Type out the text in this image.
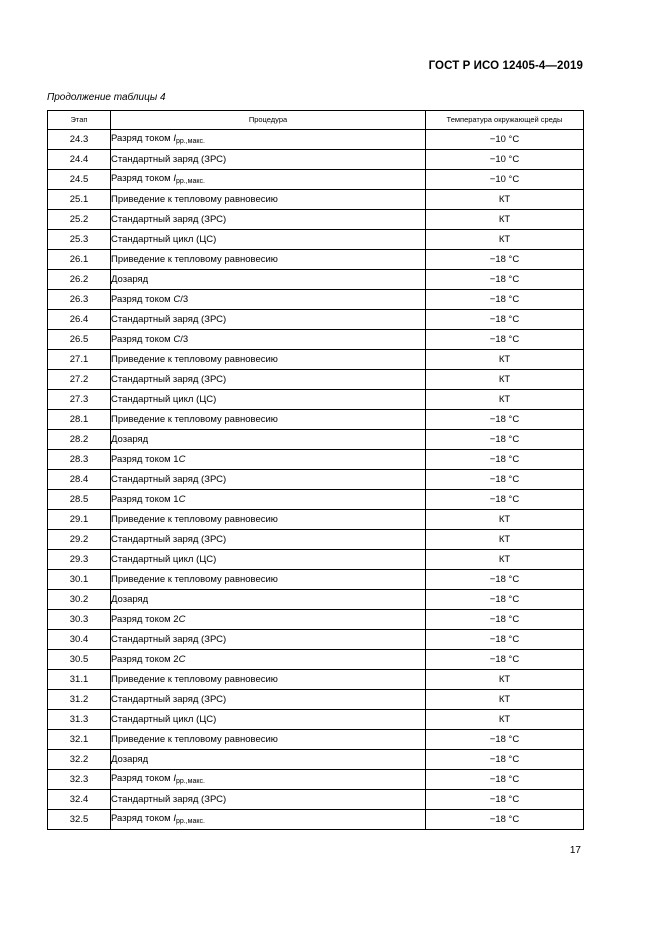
ГОСТ Р ИСО 12405-4—2019
Продолжение таблицы 4
Этап	Процедура	Температура окружающей среды
24.3	Разряд током $I_{рр.,макс.}$	−10 °C
24.4	Стандартный заряд (ЗРС)	−10 °C
24.5	Разряд током $I_{рр.,макс.}$	−10 °C
25.1	Приведение к тепловому равновесию	КТ
25.2	Стандартный заряд (ЗРС)	КТ
25.3	Стандартный цикл (ЦС)	КТ
26.1	Приведение к тепловому равновесию	−18 °C
26.2	Дозаряд	−18 °C
26.3	Разряд током C/3	−18 °C
26.4	Стандартный заряд (ЗРС)	−18 °C
26.5	Разряд током C/3	−18 °C
27.1	Приведение к тепловому равновесию	КТ
27.2	Стандартный заряд (ЗРС)	КТ
27.3	Стандартный цикл (ЦС)	КТ
28.1	Приведение к тепловому равновесию	−18 °C
28.2	Дозаряд	−18 °C
28.3	Разряд током 1C	−18 °C
28.4	Стандартный заряд (ЗРС)	−18 °C
28.5	Разряд током 1C	−18 °C
29.1	Приведение к тепловому равновесию	КТ
29.2	Стандартный заряд (ЗРС)	КТ
29.3	Стандартный цикл (ЦС)	КТ
30.1	Приведение к тепловому равновесию	−18 °C
30.2	Дозаряд	−18 °C
30.3	Разряд током 2C	−18 °C
30.4	Стандартный заряд (ЗРС)	−18 °C
30.5	Разряд током 2C	−18 °C
31.1	Приведение к тепловому равновесию	КТ
31.2	Стандартный заряд (ЗРС)	КТ
31.3	Стандартный цикл (ЦС)	КТ
32.1	Приведение к тепловому равновесию	−18 °C
32.2	Дозаряд	−18 °C
32.3	Разряд током $I_{рр.,макс.}$	−18 °C
32.4	Стандартный заряд (ЗРС)	−18 °C
32.5	Разряд током $I_{рр.,макс.}$	−18 °C
17
